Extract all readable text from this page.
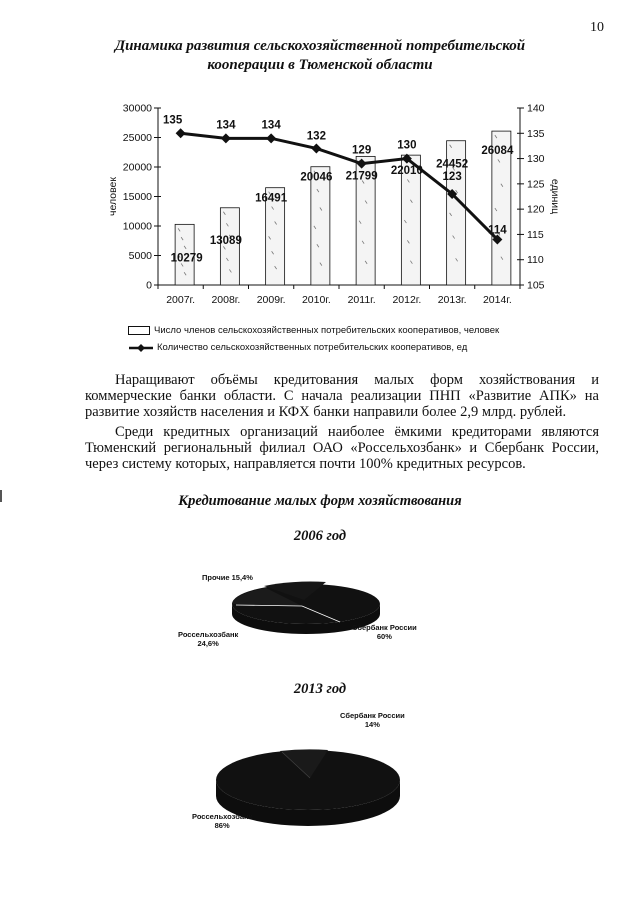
10
Динамика развития сельскохозяйственной потребительской
кооперации в Тюменской области
0
5000
10000
15000
20000
25000
30000
105
110
115
120
125
130
135
140
2007г. 2008г. 2009г. 2010г. 2011г. 2012г. 2013г. 2014г.
человек	единиц
135	134 134
132
129 130
123
114
10279
13089
16491
20046 21799 22010
24452
26084
Число членов сельскохозяйственных потребительских кооперативов, человек
Количество сельскохозяйственных потребительских кооперативов, ед

Наращивают объёмы кредитования малых форм хозяйствования и коммерческие банки области. С начала реализации ПНП «Развитие АПК» на развитие хозяйств населения и КФХ банки направили более 2,9 млрд. рублей.

Среди кредитных организаций наиболее ёмкими кредиторами являются Тюменский региональный филиал ОАО «Россельхозбанк» и Сбербанк России, через систему которых, направляется почти 100% кредитных ресурсов.

Кредитование малых форм хозяйствования
2006 год
Прочие 15,4%
Россельхозбанк
24,6%
Сбербанк России
60%
2013 год
Сбербанк России
14%
Россельхозбанк
86%
